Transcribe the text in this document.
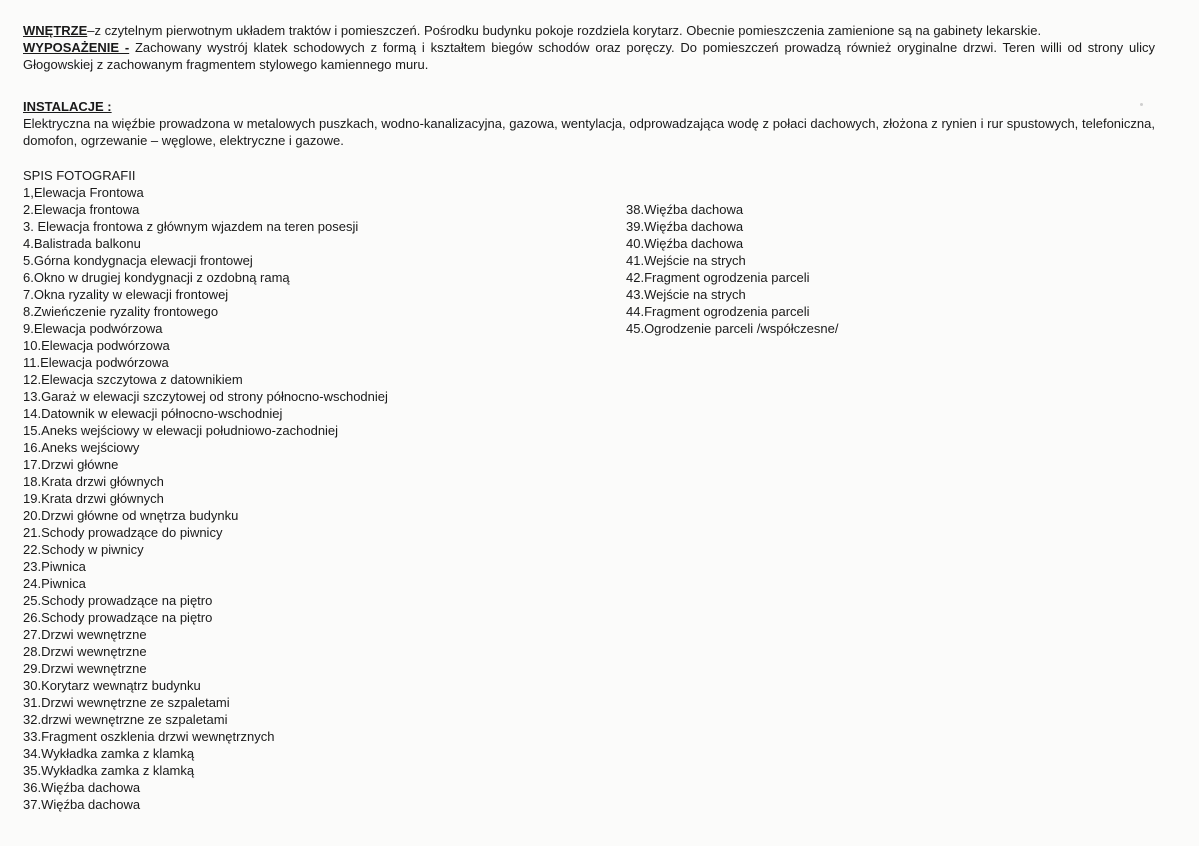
WNĘTRZE–z czytelnym pierwotnym układem traktów i pomieszczeń. Pośrodku budynku pokoje rozdziela korytarz. Obecnie pomieszczenia zamienione są na gabinety lekarskie.

WYPOSAŻENIE - Zachowany wystrój klatek schodowych z formą i kształtem biegów schodów oraz poręczy. Do pomieszczeń prowadzą również oryginalne drzwi. Teren willi od strony ulicy Głogowskiej z zachowanym fragmentem stylowego kamiennego muru.

INSTALACJE :

Elektryczna na więźbie prowadzona w metalowych puszkach, wodno-kanalizacyjna, gazowa, wentylacja, odprowadzająca wodę z połaci dachowych, złożona z rynien i rur spustowych, telefoniczna, domofon, ogrzewanie – węglowe, elektryczne i gazowe.

SPIS FOTOGRAFII
1,Elewacja Frontowa
2.Elewacja frontowa
3. Elewacja frontowa z głównym wjazdem na teren posesji
4.Balistrada balkonu
5.Górna kondygnacja elewacji frontowej
6.Okno w drugiej kondygnacji z ozdobną ramą
7.Okna ryzality w elewacji frontowej
8.Zwieńczenie ryzality frontowego
9.Elewacja podwórzowa
10.Elewacja podwórzowa
11.Elewacja podwórzowa
12.Elewacja szczytowa z datownikiem
13.Garaż w elewacji szczytowej od strony północno-wschodniej
14.Datownik w elewacji północno-wschodniej
15.Aneks wejściowy w elewacji południowo-zachodniej
16.Aneks wejściowy
17.Drzwi główne
18.Krata drzwi głównych
19.Krata drzwi głównych
20.Drzwi główne od wnętrza budynku
21.Schody prowadzące do piwnicy
22.Schody w piwnicy
23.Piwnica
24.Piwnica
25.Schody prowadzące na piętro
26.Schody prowadzące na piętro
27.Drzwi wewnętrzne
28.Drzwi wewnętrzne
29.Drzwi wewnętrzne
30.Korytarz wewnątrz budynku
31.Drzwi wewnętrzne ze szpaletami
32.drzwi wewnętrzne ze szpaletami
33.Fragment oszklenia drzwi wewnętrznych
34.Wykładka zamka z klamką
35.Wykładka zamka z klamką
36.Więźba dachowa
37.Więźba dachowa
38.Więźba dachowa
39.Więźba dachowa
40.Więźba dachowa
41.Wejście na strych
42.Fragment ogrodzenia parceli
43.Wejście na strych
44.Fragment ogrodzenia parceli
45.Ogrodzenie parceli /współczesne/
